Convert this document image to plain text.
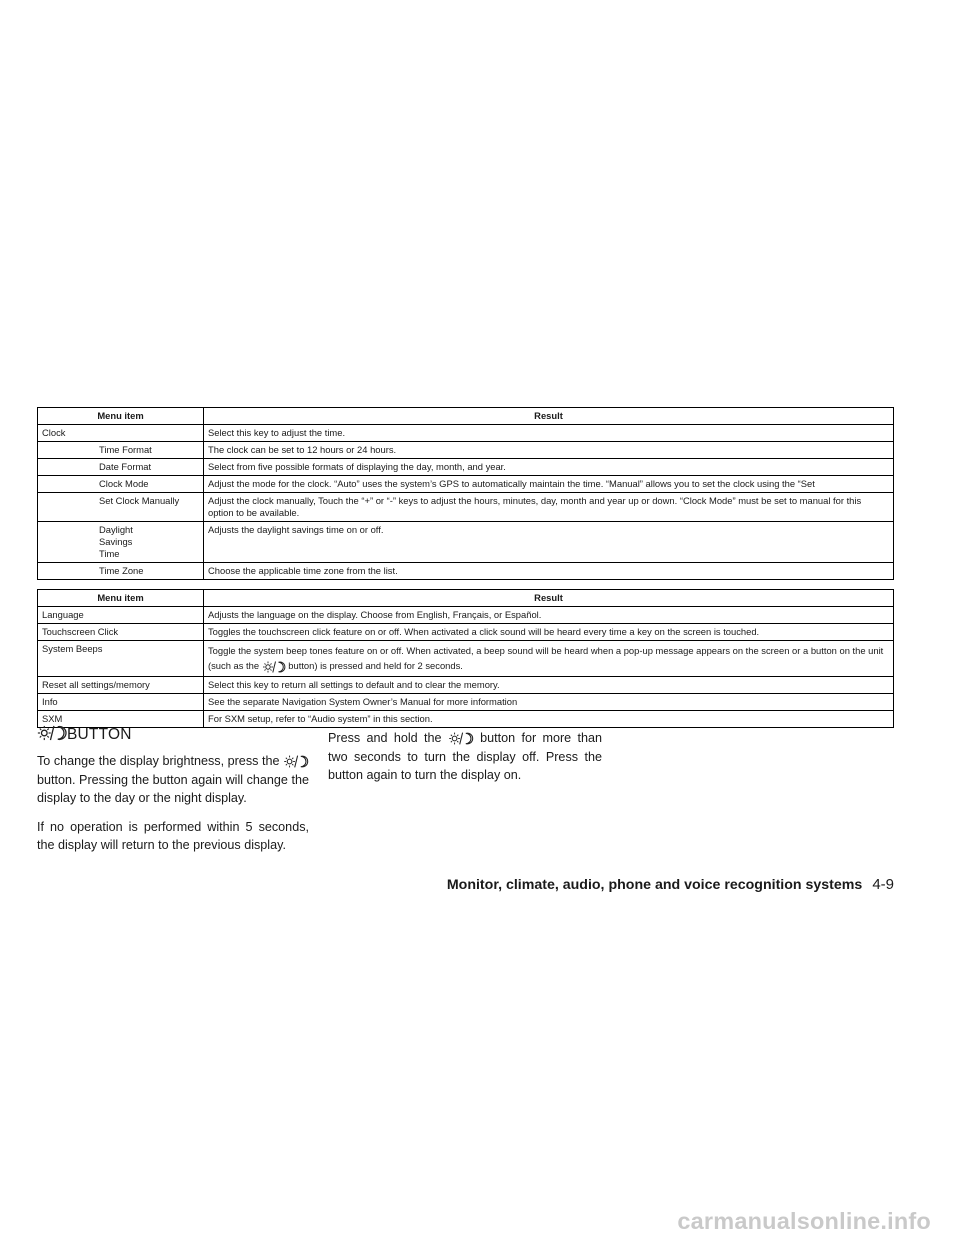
Menu item	Result
Clock	Select this key to adjust the time.
Time Format	The clock can be set to 12 hours or 24 hours.
Date Format	Select from five possible formats of displaying the day, month, and year.
Clock Mode	Adjust the mode for the clock. “Auto” uses the system’s GPS to automatically maintain the time. “Manual” allows you to set the clock using the “Set
Set Clock Manually	Adjust the clock manually, Touch the “+” or “-” keys to adjust the hours, minutes, day, month and year up or down. “Clock Mode” must be set to manual for this option to be available.
Daylight Savings Time	Adjusts the daylight savings time on or off.
Time Zone	Choose the applicable time zone from the list.
Menu item	Result
Language	Adjusts the language on the display. Choose from English, Français, or Español.
Touchscreen Click	Toggles the touchscreen click feature on or off. When activated a click sound will be heard every time a key on the screen is touched.
System Beeps	Toggle the system beep tones feature on or off. When activated, a beep sound will be heard when a pop-up message appears on the screen or a button on the unit (such as the button) is pressed and held for 2 seconds.
Reset all settings/memory	Select this key to return all settings to default and to clear the memory.
Info	See the separate Navigation System Owner’s Manual for more information
SXM	For SXM setup, refer to “Audio system” in this section.
BUTTON

To change the display brightness, press the  button. Pressing the button again will change the display to the day or the night display.

If no operation is performed within 5 seconds, the display will return to the previous display.

Press and hold the	button for more than two seconds to turn the display off. Press the button again to turn the display on.

Monitor, climate, audio, phone and voice recognition systems 4-9
carmanualsonline.info
